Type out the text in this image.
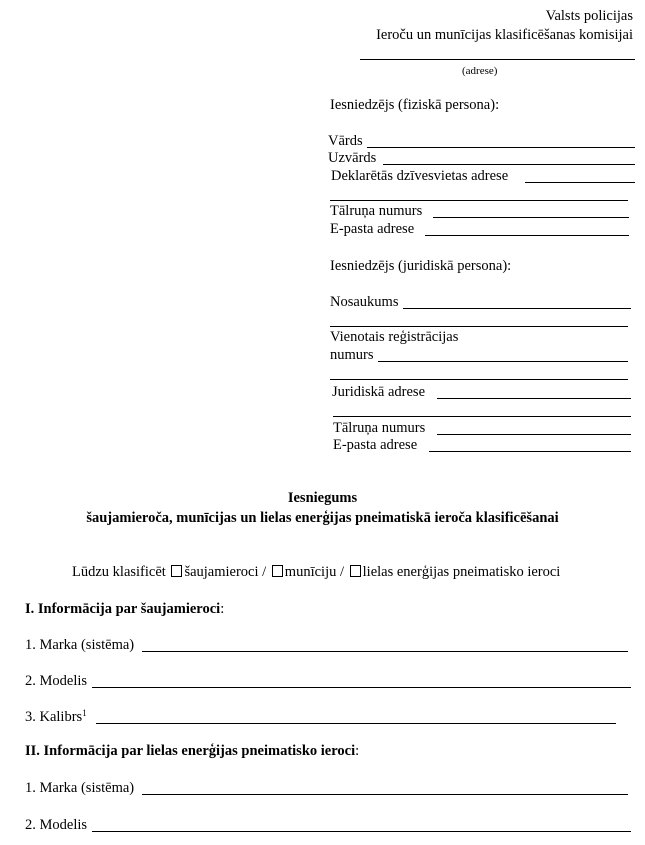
Valsts policijas
Ieroču un munīcijas klasificēšanas komisijai
(adrese)
Iesniedzējs (fiziskā persona):
Vārds
Uzvārds
Deklarētās dzīvesvietas adrese
Tālruņa numurs
E-pasta adrese
Iesniedzējs (juridiskā persona):
Nosaukums
Vienotais reģistrācijas
numurs
Juridiskā adrese
Tālruņa numurs
E-pasta adrese
Iesniegums
šaujamieroča, munīcijas un lielas enerģijas pneimatiskā ieroča klasificēšanai
Lūdzu klasificēt šaujamieroci / munīciju / lielas enerģijas pneimatisko ieroci
I. Informācija par šaujamieroci:
1. Marka (sistēma)
2. Modelis
3. Kalibrs$^1$
II. Informācija par lielas enerģijas pneimatisko ieroci:
1. Marka (sistēma)
2. Modelis
